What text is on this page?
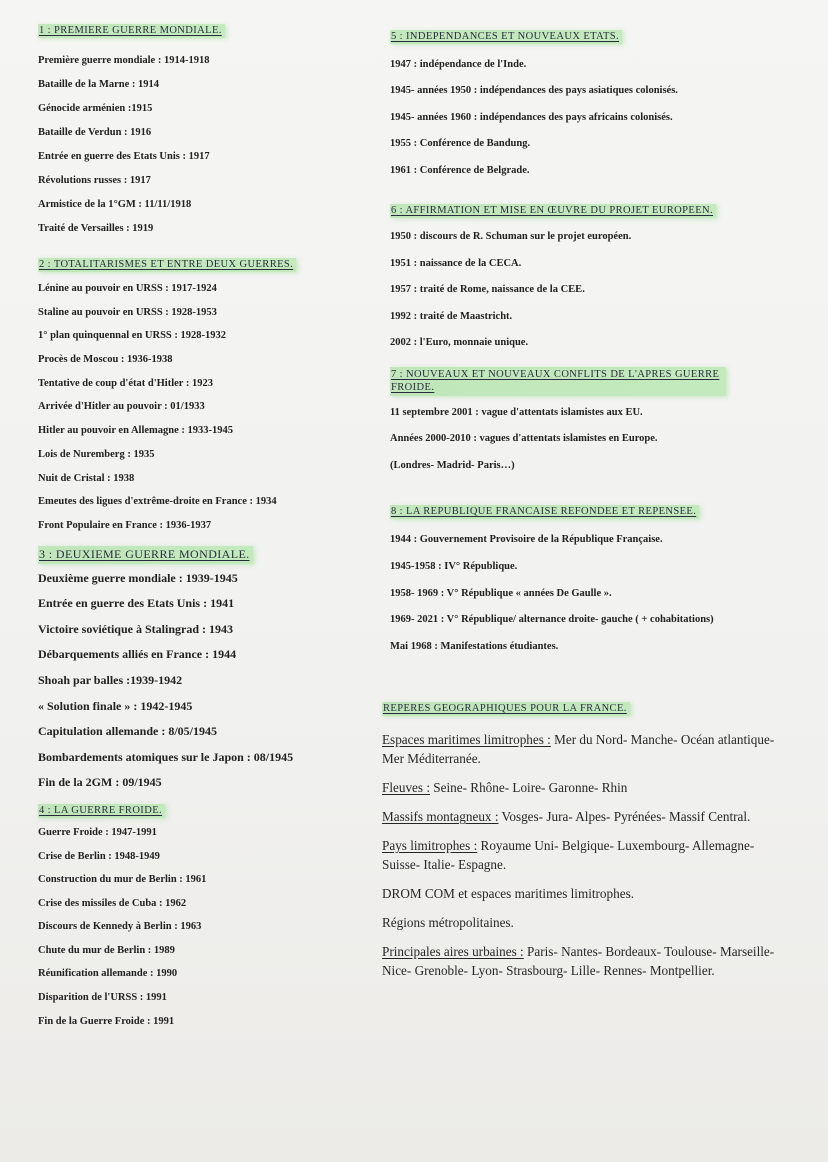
1 : PREMIERE GUERRE MONDIALE.
Première guerre mondiale : 1914-1918
Bataille de la Marne : 1914
Génocide arménien :1915
Bataille de Verdun : 1916
Entrée en guerre des Etats Unis : 1917
Révolutions russes : 1917
Armistice de la 1°GM : 11/11/1918
Traité de Versailles : 1919
2 : TOTALITARISMES ET ENTRE DEUX GUERRES.
Lénine au pouvoir en URSS : 1917-1924
Staline au pouvoir en URSS : 1928-1953
1° plan quinquennal en URSS : 1928-1932
Procès de Moscou : 1936-1938
Tentative de coup d'état d'Hitler : 1923
Arrivée d'Hitler au pouvoir : 01/1933
Hitler au pouvoir en Allemagne : 1933-1945
Lois de Nuremberg : 1935
Nuit de Cristal : 1938
Emeutes des ligues d'extrême-droite en France : 1934
Front Populaire en France : 1936-1937
3 : DEUXIEME GUERRE MONDIALE.
Deuxième guerre mondiale : 1939-1945
Entrée en guerre des Etats Unis : 1941
Victoire soviétique à Stalingrad : 1943
Débarquements alliés en France : 1944
Shoah par balles :1939-1942
« Solution finale » : 1942-1945
Capitulation allemande : 8/05/1945
Bombardements atomiques sur le Japon : 08/1945
Fin de la 2GM : 09/1945
4 : LA GUERRE FROIDE.
Guerre Froide : 1947-1991
Crise de Berlin : 1948-1949
Construction du mur de Berlin : 1961
Crise des missiles de Cuba : 1962
Discours de Kennedy à Berlin : 1963
Chute du mur de Berlin : 1989
Réunification allemande : 1990
Disparition de l'URSS : 1991
Fin de la Guerre Froide : 1991
5 : INDEPENDANCES ET NOUVEAUX ETATS.
1947 : indépendance de l'Inde.
1945- années 1950 : indépendances des pays asiatiques colonisés.
1945- années 1960 : indépendances des pays africains colonisés.
1955 : Conférence de Bandung.
1961 : Conférence de Belgrade.
6 : AFFIRMATION ET MISE EN ŒUVRE DU PROJET EUROPEEN.
1950 : discours de R. Schuman sur le projet européen.
1951 : naissance de la CECA.
1957 : traité de Rome, naissance de la CEE.
1992 : traité de Maastricht.
2002 : l'Euro, monnaie unique.
7 : NOUVEAUX ET NOUVEAUX CONFLITS DE L'APRES GUERRE FROIDE.
11 septembre 2001 : vague d'attentats islamistes aux EU.
Années 2000-2010 : vagues d'attentats islamistes en Europe.
(Londres- Madrid- Paris…)
8 : LA REPUBLIQUE FRANCAISE REFONDEE ET REPENSEE.
1944 : Gouvernement Provisoire de la République Française.
1945-1958 : IV° République.
1958- 1969 : V° République « années De Gaulle ».
1969- 2021 : V° République/ alternance droite- gauche ( + cohabitations)
Mai 1968 : Manifestations étudiantes.
REPERES GEOGRAPHIQUES POUR LA FRANCE.
Espaces maritimes limitrophes : Mer du Nord- Manche- Océan atlantique- Mer Méditerranée.
Fleuves : Seine- Rhône- Loire- Garonne- Rhin
Massifs montagneux : Vosges- Jura- Alpes- Pyrénées- Massif Central.
Pays limitrophes : Royaume Uni- Belgique- Luxembourg- Allemagne- Suisse- Italie- Espagne.
DROM COM et espaces maritimes limitrophes.
Régions métropolitaines.
Principales aires urbaines : Paris- Nantes- Bordeaux- Toulouse- Marseille- Nice- Grenoble- Lyon- Strasbourg- Lille- Rennes- Montpellier.
